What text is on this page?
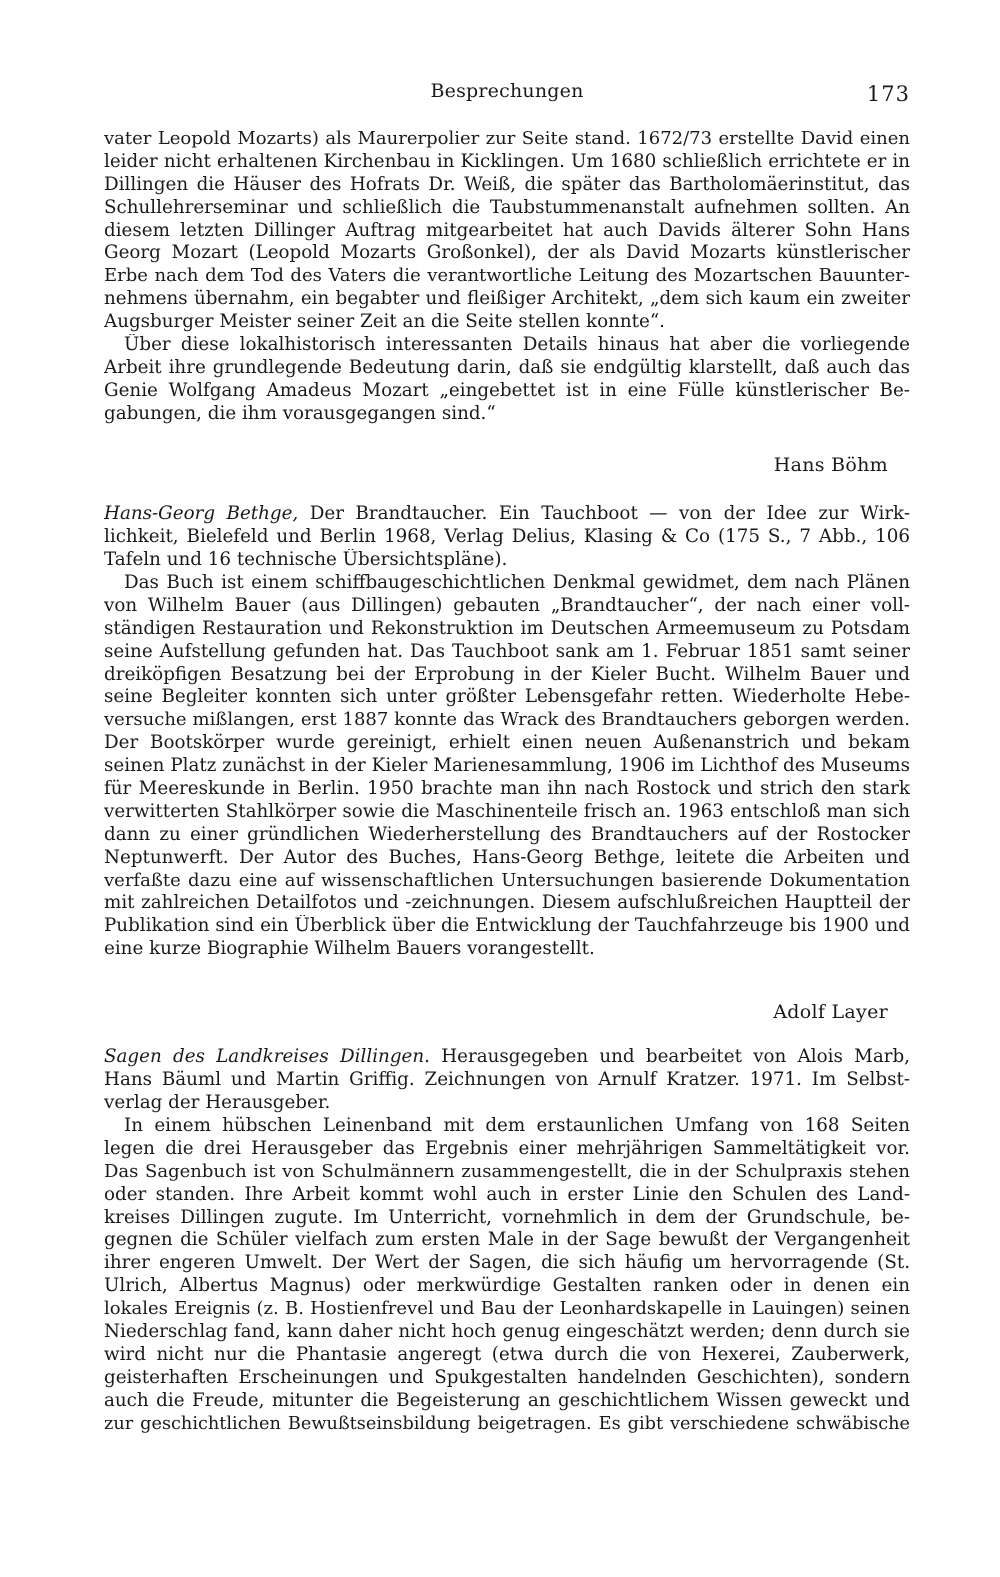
Besprechungen	173
vater Leopold Mozarts) als Maurerpolier zur Seite stand. 1672/73 erstellte David einen
leider nicht erhaltenen Kirchenbau in Kicklingen. Um 1680 schließlich errichtete er in
Dillingen die Häuser des Hofrats Dr. Weiß, die später das Bartholomäerinstitut, das
Schullehrerseminar und schließlich die Taubstummenanstalt aufnehmen sollten. An
diesem letzten Dillinger Auftrag mitgearbeitet hat auch Davids älterer Sohn Hans
Georg Mozart (Leopold Mozarts Großonkel), der als David Mozarts künstlerischer
Erbe nach dem Tod des Vaters die verantwortliche Leitung des Mozartschen Bauunter-
nehmens übernahm, ein begabter und fleißiger Architekt, „dem sich kaum ein zweiter
Augsburger Meister seiner Zeit an die Seite stellen konnte“.
Über diese lokalhistorisch interessanten Details hinaus hat aber die vorliegende
Arbeit ihre grundlegende Bedeutung darin, daß sie endgültig klarstellt, daß auch das
Genie Wolfgang Amadeus Mozart „eingebettet ist in eine Fülle künstlerischer Be-
gabungen, die ihm vorausgegangen sind.“
Hans Böhm
Hans-Georg Bethge, Der Brandtaucher. Ein Tauchboot — von der Idee zur Wirk-
lichkeit, Bielefeld und Berlin 1968, Verlag Delius, Klasing & Co (175 S., 7 Abb., 106
Tafeln und 16 technische Übersichtspläne).
Das Buch ist einem schiffbaugeschichtlichen Denkmal gewidmet, dem nach Plänen
von Wilhelm Bauer (aus Dillingen) gebauten „Brandtaucher“, der nach einer voll-
ständigen Restauration und Rekonstruktion im Deutschen Armeemuseum zu Potsdam
seine Aufstellung gefunden hat. Das Tauchboot sank am 1. Februar 1851 samt seiner
dreiköpfigen Besatzung bei der Erprobung in der Kieler Bucht. Wilhelm Bauer und
seine Begleiter konnten sich unter größter Lebensgefahr retten. Wiederholte Hebe-
versuche mißlangen, erst 1887 konnte das Wrack des Brandtauchers geborgen werden.
Der Bootskörper wurde gereinigt, erhielt einen neuen Außenanstrich und bekam
seinen Platz zunächst in der Kieler Marienesammlung, 1906 im Lichthof des Museums
für Meereskunde in Berlin. 1950 brachte man ihn nach Rostock und strich den stark
verwitterten Stahlkörper sowie die Maschinenteile frisch an. 1963 entschloß man sich
dann zu einer gründlichen Wiederherstellung des Brandtauchers auf der Rostocker
Neptunwerft. Der Autor des Buches, Hans-Georg Bethge, leitete die Arbeiten und
verfaßte dazu eine auf wissenschaftlichen Untersuchungen basierende Dokumentation
mit zahlreichen Detailfotos und -zeichnungen. Diesem aufschlußreichen Hauptteil der
Publikation sind ein Überblick über die Entwicklung der Tauchfahrzeuge bis 1900 und
eine kurze Biographie Wilhelm Bauers vorangestellt.
Adolf Layer
Sagen des Landkreises Dillingen. Herausgegeben und bearbeitet von Alois Marb,
Hans Bäuml und Martin Griffig. Zeichnungen von Arnulf Kratzer. 1971. Im Selbst-
verlag der Herausgeber.
In einem hübschen Leinenband mit dem erstaunlichen Umfang von 168 Seiten
legen die drei Herausgeber das Ergebnis einer mehrjährigen Sammeltätigkeit vor.
Das Sagenbuch ist von Schulmännern zusammengestellt, die in der Schulpraxis stehen
oder standen. Ihre Arbeit kommt wohl auch in erster Linie den Schulen des Land-
kreises Dillingen zugute. Im Unterricht, vornehmlich in dem der Grundschule, be-
gegnen die Schüler vielfach zum ersten Male in der Sage bewußt der Vergangenheit
ihrer engeren Umwelt. Der Wert der Sagen, die sich häufig um hervorragende (St.
Ulrich, Albertus Magnus) oder merkwürdige Gestalten ranken oder in denen ein
lokales Ereignis (z. B. Hostienfrevel und Bau der Leonhardskapelle in Lauingen) seinen
Niederschlag fand, kann daher nicht hoch genug eingeschätzt werden; denn durch sie
wird nicht nur die Phantasie angeregt (etwa durch die von Hexerei, Zauberwerk,
geisterhaften Erscheinungen und Spukgestalten handelnden Geschichten), sondern
auch die Freude, mitunter die Begeisterung an geschichtlichem Wissen geweckt und
zur geschichtlichen Bewußtseinsbildung beigetragen. Es gibt verschiedene schwäbische
